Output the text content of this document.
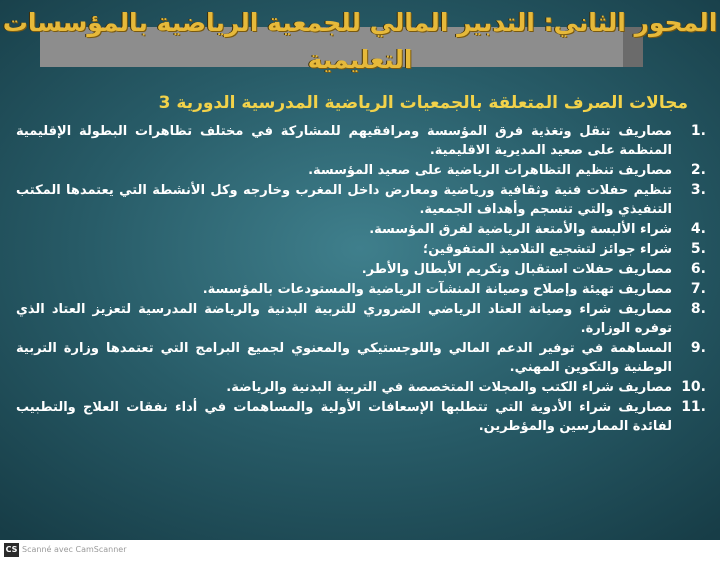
المحور الثاني: التدبير المالي للجمعية الرياضية بالمؤسسات التعليمية
مجالات الصرف المتعلقة بالجمعيات الرياضية المدرسية الدورية 3
.1
مصاريف تنقل وتغذية فرق المؤسسة ومرافقيهم للمشاركة في مختلف تظاهرات البطولة الإقليمية المنظمة على صعيد المديرية الاقليمية.
.2
مصاريف تنظيم التظاهرات الرياضية على صعيد المؤسسة.
.3
تنظيم حفلات فنية وثقافية ورياضية ومعارض داخل المغرب وخارجه وكل الأنشطة التي يعتمدها المكتب التنفيذي والتي تنسجم وأهداف الجمعية.
.4
شراء الألبسة والأمتعة الرياضية لفرق المؤسسة.
.5
شراء جوائز لتشجيع التلاميذ المتفوقين؛
.6
مصاريف حفلات استقبال وتكريم الأبطال والأطر.
.7
مصاريف تهيئة وإصلاح وصيانة المنشآت الرياضية والمستودعات بالمؤسسة.
.8
مصاريف شراء وصيانة العتاد الرياضي الضروري للتربية البدنية والرياضة المدرسية لتعزيز العتاد الذي توفره الوزارة.
.9
المساهمة في توفير الدعم المالي واللوجستيكي والمعنوي لجميع البرامج التي تعتمدها وزارة التربية الوطنية والتكوين المهني.
.10
مصاريف شراء الكتب والمجلات المتخصصة في التربية البدنية والرياضة.
.11
مصاريف شراء الأدوية التي تتطلبها الإسعافات الأولية والمساهمات في أداء نفقات العلاج والتطبيب لفائدة الممارسين والمؤطرين.
CS Scanné avec CamScanner
